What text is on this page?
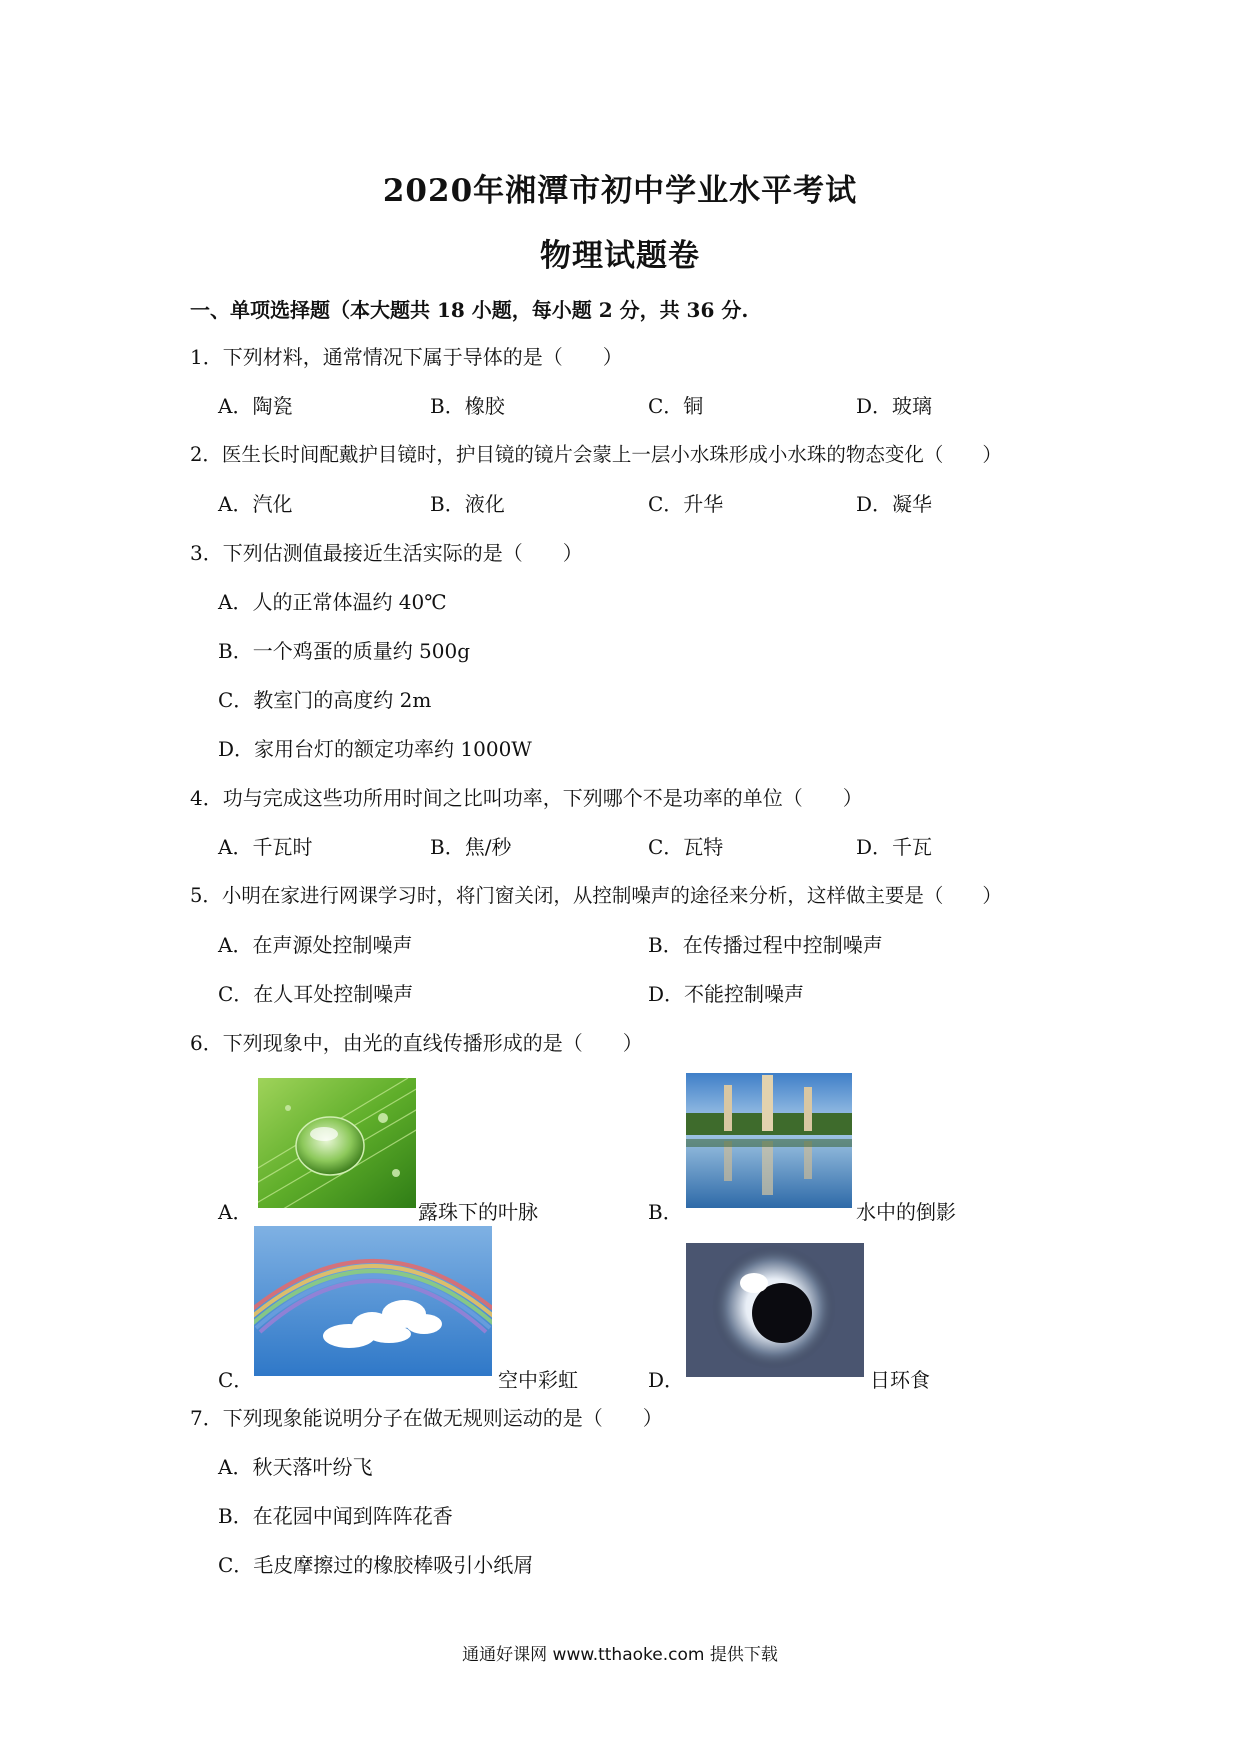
2020年湘潭市初中学业水平考试
物理试题卷
一、单项选择题（本大题共 18 小题，每小题 2 分，共 36 分.
1．下列材料，通常情况下属于导体的是（　　）
A．陶瓷	B．橡胶	C．铜	D．玻璃
2．医生长时间配戴护目镜时，护目镜的镜片会蒙上一层小水珠形成小水珠的物态变化（　　）
A．汽化	B．液化	C．升华	D．凝华
3．下列估测值最接近生活实际的是（　　）
A．人的正常体温约 40℃
B．一个鸡蛋的质量约 500g
C．教室门的高度约 2m
D．家用台灯的额定功率约 1000W
4．功与完成这些功所用时间之比叫功率，下列哪个不是功率的单位（　　）
A．千瓦时	B．焦/秒	C．瓦特	D．千瓦
5．小明在家进行网课学习时，将门窗关闭，从控制噪声的途径来分析，这样做主要是（　　）
A．在声源处控制噪声	B．在传播过程中控制噪声
C．在人耳处控制噪声	D．不能控制噪声
6．下列现象中，由光的直线传播形成的是（　　）
A．	露珠下的叶脉	B．	水中的倒影
C．	空中彩虹	D．	日环食
7．下列现象能说明分子在做无规则运动的是（　　）
A．秋天落叶纷飞
B．在花园中闻到阵阵花香
C．毛皮摩擦过的橡胶棒吸引小纸屑
通通好课网 www.tthaoke.com 提供下载
